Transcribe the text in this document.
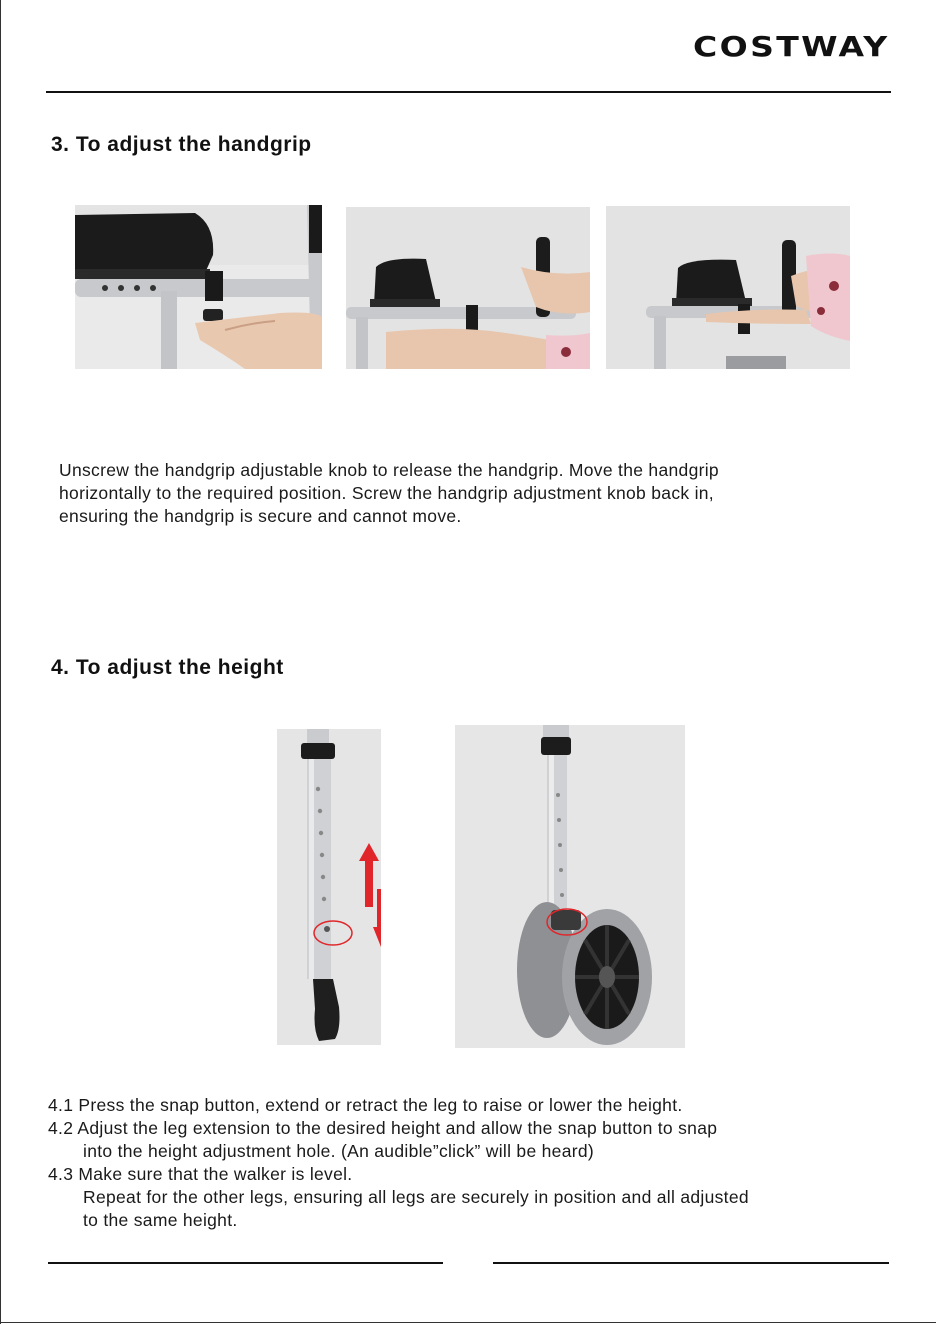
COSTWAY
3. To adjust the handgrip

Unscrew the handgrip adjustable knob to release the handgrip. Move the handgrip

horizontally to the required position. Screw the handgrip adjustment knob back in,

ensuring the handgrip is secure and cannot move.

4. To adjust the height

4.1 Press the snap button, extend or retract the leg to raise or lower the height.

4.2 Adjust the leg extension to the desired height and allow the snap button to snap

into the height adjustment hole. (An audible”click” will be heard)

4.3 Make sure that the walker is level.

Repeat for the other legs, ensuring all legs are securely in position and all adjusted

to the same height.
